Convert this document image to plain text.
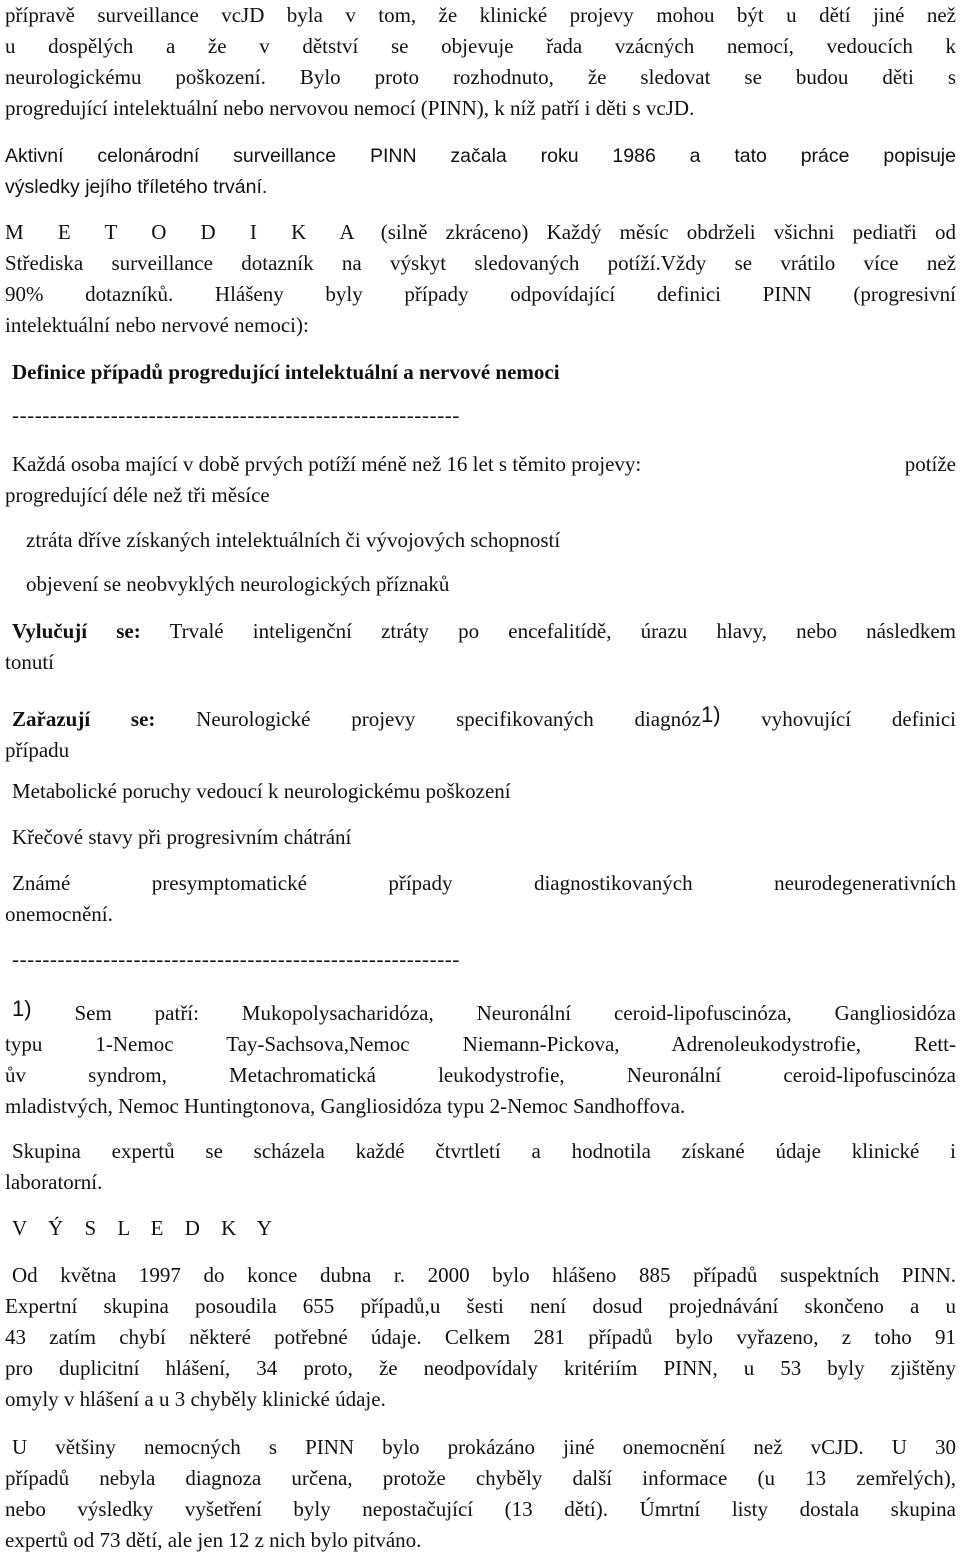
přípravě surveillance vcJD byla v tom, že klinické projevy mohou být u dětí jiné než
u dospělých a že v dětství se objevuje řada vzácných nemocí, vedoucích k
neurologickému poškození. Bylo proto rozhodnuto, že sledovat se budou děti s
progredující intelektuální nebo nervovou nemocí (PINN), k níž patří i děti s vcJD.
Aktivní celonárodní surveillance PINN začala roku 1986 a tato práce popisuje
výsledky jejího tříletého trvání.
M E T O D I K A (silně zkráceno) Každý měsíc obdrželi všichni pediatři od
Střediska surveillance dotazník na výskyt sledovaných potíží.Vždy se vrátilo více než
90% dotazníků. Hlášeny byly případy odpovídající definici PINN (progresivní
intelektuální nebo nervové nemoci):
Definice případů progredující intelektuální a nervové nemoci
-----------------------------------------------------------
Každá osoba mající v době prvých potíží méně než 16 let s těmito projevy:	potíže
progredující déle než tři měsíce
ztráta dříve získaných intelektuálních či vývojových schopností
objevení se neobvyklých neurologických příznaků
Vylučují se: Trvalé inteligenční ztráty po encefalitídě, úrazu hlavy, nebo následkem
tonutí
Zařazují se: Neurologické projevy specifikovaných diagnóz1) vyhovující definici
případu
Metabolické poruchy vedoucí k neurologickému poškození
Křečové stavy při progresivním chátrání
Známé presymptomatické případy diagnostikovaných neurodegenerativních
onemocnění.
-----------------------------------------------------------
1) Sem patří: Mukopolysacharidóza, Neuronální ceroid-lipofuscinóza, Gangliosidóza
typu 1-Nemoc Tay-Sachsova,Nemoc Niemann-Pickova, Adrenoleukodystrofie, Rett-
ův syndrom, Metachromatická leukodystrofie, Neuronální ceroid-lipofuscinóza
mladistvých, Nemoc Huntingtonova, Gangliosidóza typu 2-Nemoc Sandhoffova.
Skupina expertů se scházela každé čtvrtletí a hodnotila získané údaje klinické i
laboratorní.
V Ý S L E D K Y
Od května 1997 do konce dubna r. 2000 bylo hlášeno 885 případů suspektních PINN.
Expertní skupina posoudila 655 případů,u šesti není dosud projednávání skončeno a u
43 zatím chybí některé potřebné údaje. Celkem 281 případů bylo vyřazeno, z toho 91
pro duplicitní hlášení, 34 proto, že neodpovídaly kritériím PINN, u 53 byly zjištěny
omyly v hlášení a u 3 chyběly klinické údaje.
U většiny nemocných s PINN bylo prokázáno jiné onemocnění než vCJD. U 30
případů nebyla diagnoza určena, protože chyběly další informace (u 13 zemřelých),
nebo výsledky vyšetření byly nepostačující (13 dětí). Úmrtní listy dostala skupina
expertů od 73 dětí, ale jen 12 z nich bylo pitváno.
